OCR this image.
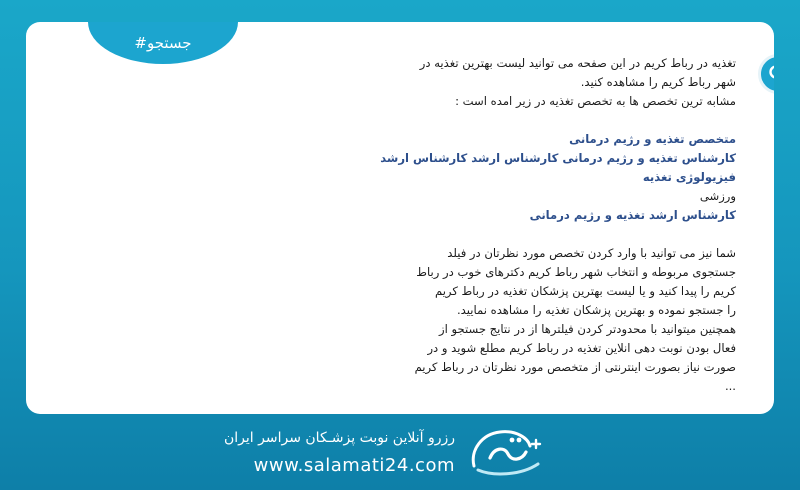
#جستجو

تغذیه در رباط کریم در این صفحه می توانید لیست بهترین تغذیه در

شهر رباط کریم را مشاهده کنید.

مشابه ترین تخصص ها به تخصص تغذیه در زیر امده است :

متخصص تغذیه و رژیم درمانی

کارشناس تغذیه و رژیم درمانی کارشناس ارشد کارشناس ارشد فیزیولوژی تغذیه

ورزشی

کارشناس ارشد تغذیه و رژیم درمانی

شما نیز می توانید با وارد کردن تخصص مورد نظرتان در فیلد

جستجوی مربوطه و انتخاب شهر رباط کریم دکترهای خوب در رباط

کریم را پیدا کنید و یا لیست بهترین پزشکان تغذیه در رباط کریم

را جستجو نموده و بهترین پزشکان تغذیه را مشاهده نمایید.

همچنین میتوانید با محدودتر کردن فیلترها از در نتایج جستجو از

فعال بودن نوبت دهی انلاین تغذیه در رباط کریم مطلع شوید و در

صورت نیاز بصورت اینترنتی از متخصص مورد نظرتان در رباط کریم

...

رزرو آنلاین نوبت پزشـکان سراسر ایران
www.salamati24.com
